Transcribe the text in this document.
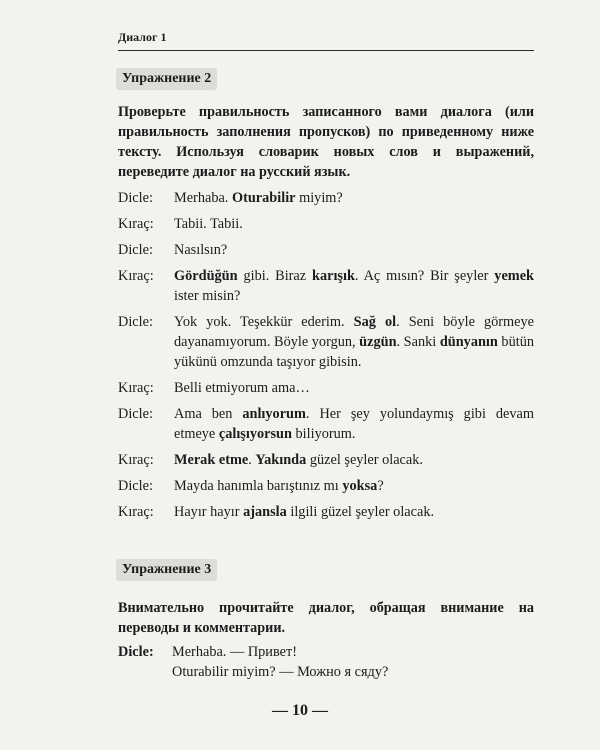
Диалог 1
Упражнение 2
Проверьте правильность записанного вами диалога (или правильность заполнения пропусков) по приведенному ниже тексту. Используя словарик новых слов и выражений, переведите диалог на русский язык.
Dicle: Merhaba. Oturabilir miyim?
Kıraç: Tabii. Tabii.
Dicle: Nasılsın?
Kıraç: Gördüğün gibi. Biraz karışık. Aç mısın? Bir şeyler yemek ister misin?
Dicle: Yok yok. Teşekkür ederim. Sağ ol. Seni böyle görmeye dayanamıyorum. Böyle yorgun, üzgün. Sanki dünyanın bütün yükünü omzunda taşıyor gibisin.
Kıraç: Belli etmiyorum ama…
Dicle: Ama ben anlıyorum. Her şey yolundaymış gibi devam etmeye çalışıyorsun biliyorum.
Kıraç: Merak etme. Yakında güzel şeyler olacak.
Dicle: Mayda hanımla barıştınız mı yoksa?
Kıraç: Hayır hayır ajansla ilgili güzel şeyler olacak.
Упражнение 3
Внимательно прочитайте диалог, обращая внимание на переводы и комментарии.
Dicle: Merhaba. — Привет!
Oturabilir miyim? — Можно я сяду?
— 10 —
